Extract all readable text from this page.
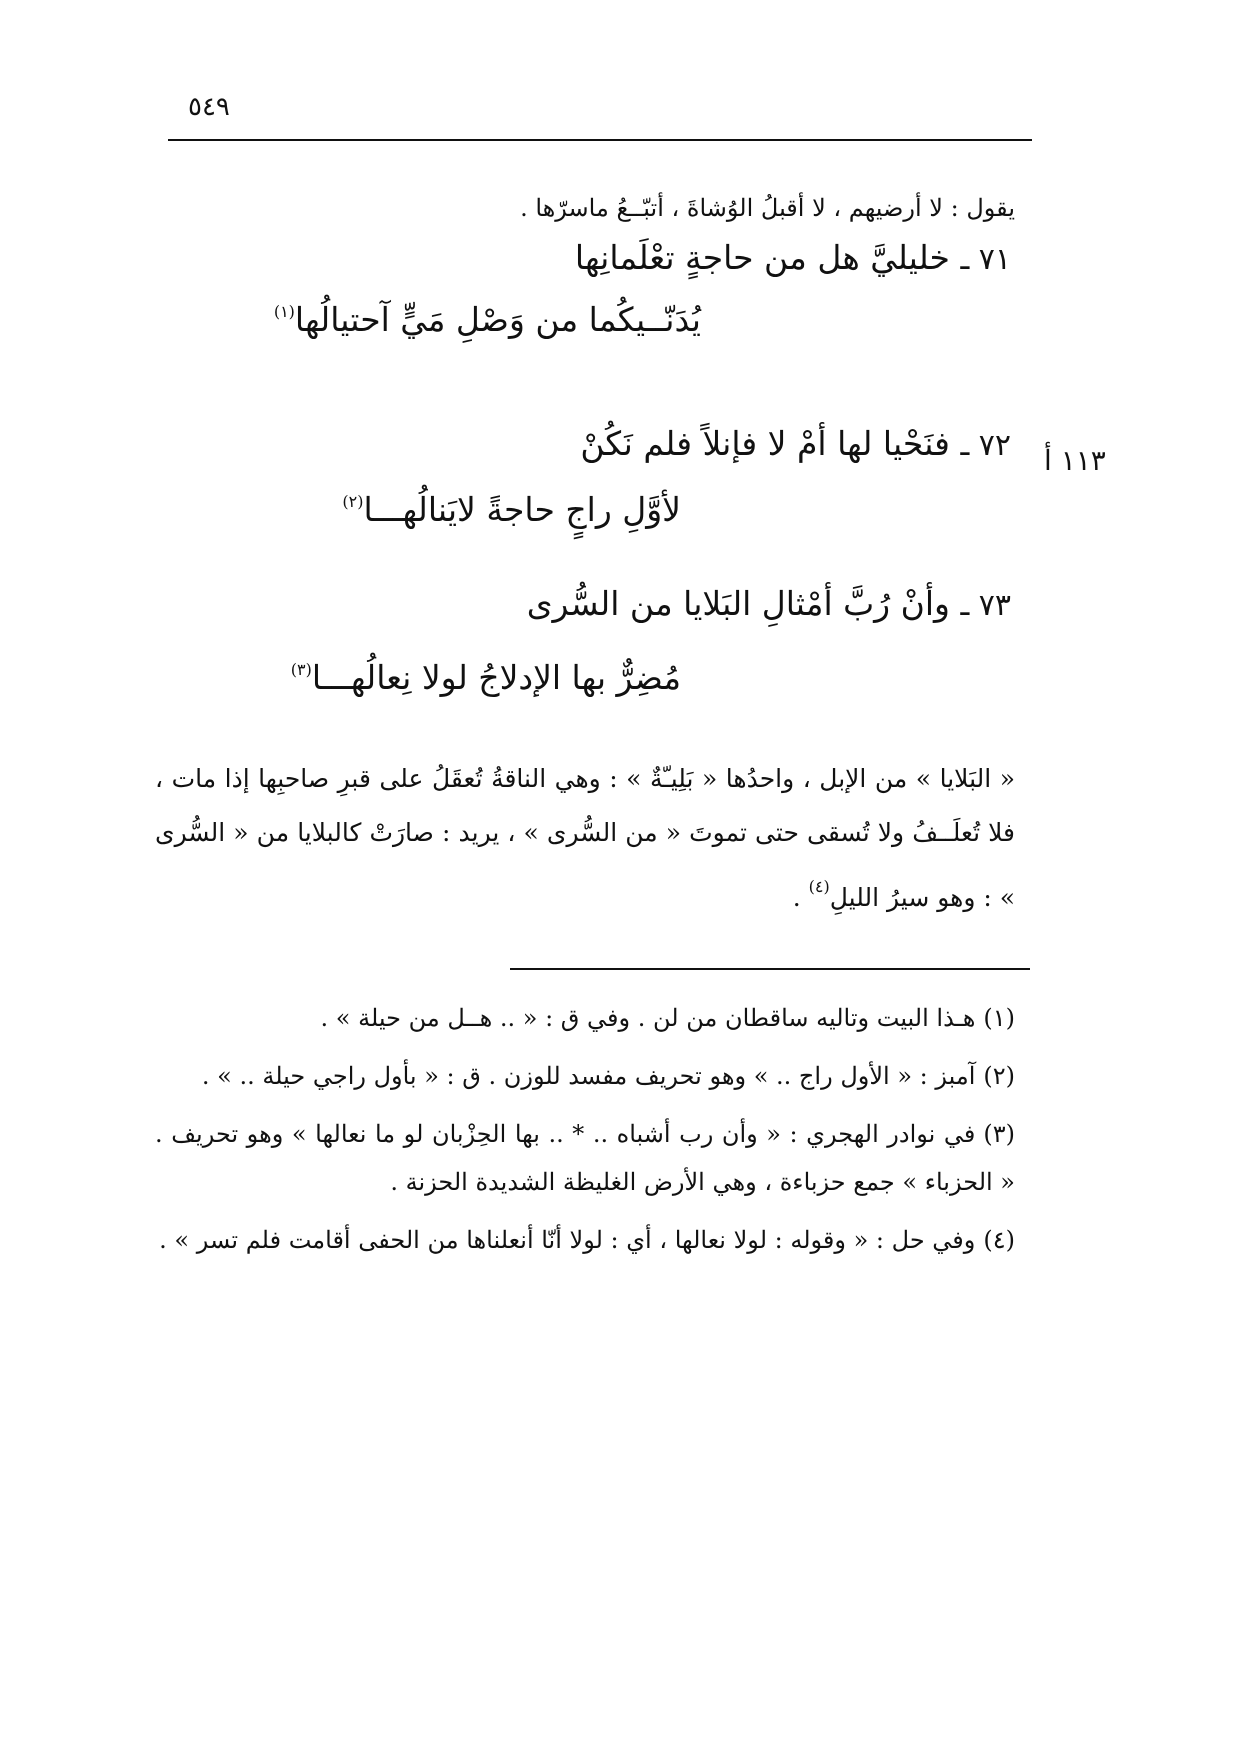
٥٤٩
يقول : لا أرضيهم ، لا أقبلُ الوُشاةَ ، أتبّــعُ ماسرّها .
٧١ ـ خليليَّ هل من حاجةٍ تعْلَمانِها
يُدَنّــيكُما من وَصْلِ مَيٍّ آحتيالُها$^{(١)}$
١١٣ أ
٧٢ ـ فنَحْيا لها أمْ لا فإنلاً فلم نَكُنْ
لأوَّلِ راجٍ حاجةً لايَنالُهـــا$^{(٢)}$
٧٣ ـ وأنْ رُبَّ أمْثالِ البَلايا من السُّرى
مُضِرٌّ بها الإدلاجُ لولا نِعالُهـــا$^{(٣)}$
« البَلايا » من الإبل ، واحدُها « بَلِيـّةٌ » : وهي الناقةُ تُعقَلُ على قبرِ صاحبِها إذا مات ، فلا تُعلَــفُ ولا تُسقى حتى تموتَ « من السُّرى » ، يريد : صارَتْ كالبلايا من « السُّرى » : وهو سيرُ الليلِ$^{(٤)}$ .

(١)هـذا البيت وتاليه ساقطان من لن . وفي ق : « .. هــل من حيلة » .

(٢)آمبز : « الأول راج .. » وهو تحريف مفسد للوزن . ق : « بأول راجي حيلة .. » .

(٣)في نوادر الهجري : « وأن رب أشباه .. * .. بها الحِزْبان لو ما نعالها » وهو تحريف . « الحزباء » جمع حزباءة ، وهي الأرض الغليظة الشديدة الحزنة .

(٤)وفي حل : « وقوله : لولا نعالها ، أي : لولا أنّا أنعلناها من الحفى أقامت فلم تسر » .
